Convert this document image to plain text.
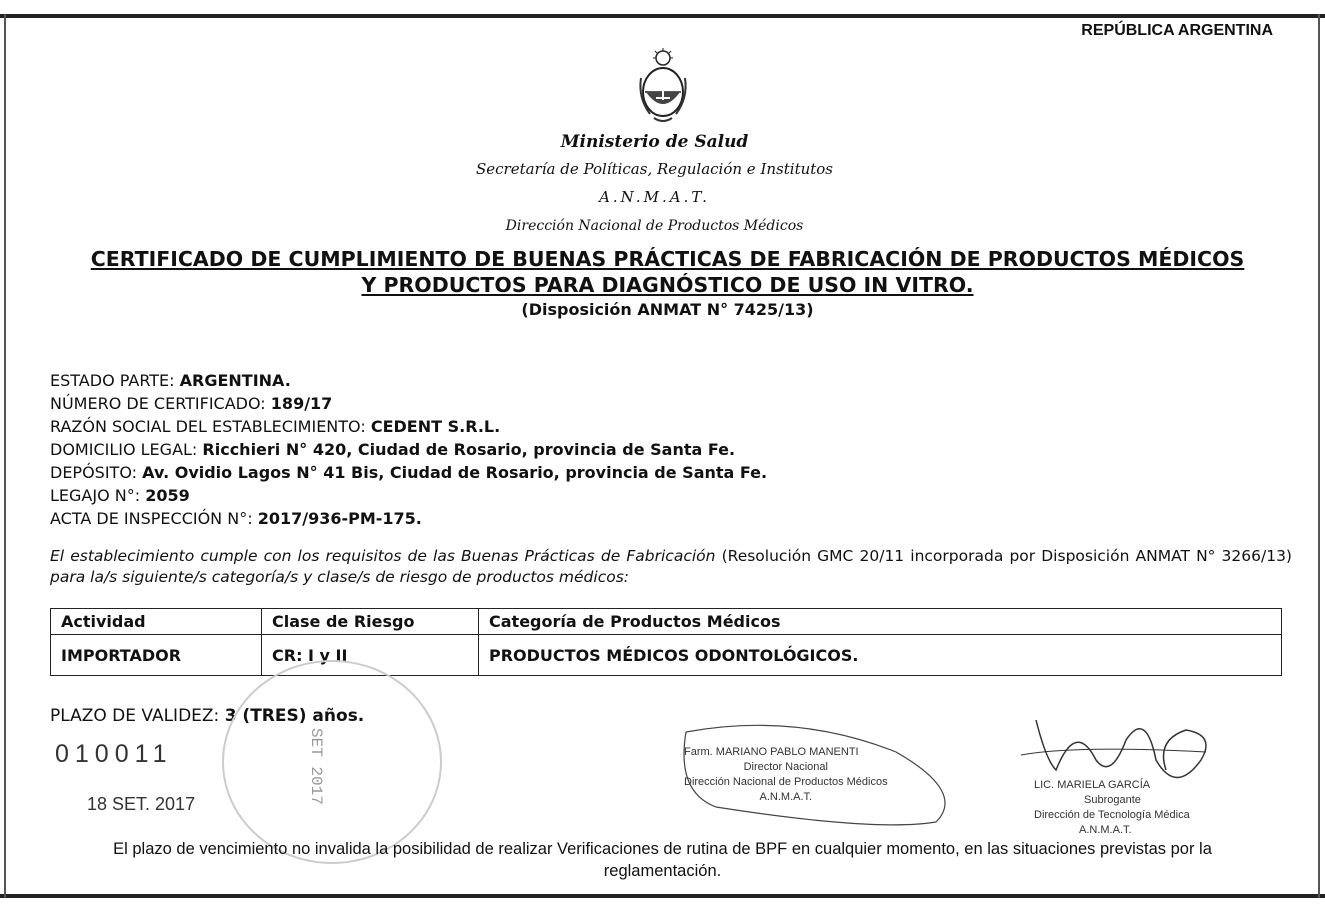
REPÚBLICA ARGENTINA
Ministerio de Salud
Secretaría de Políticas, Regulación e Institutos
A.N.M.A.T.
Dirección Nacional de Productos Médicos
CERTIFICADO DE CUMPLIMIENTO DE BUENAS PRÁCTICAS DE FABRICACIÓN DE PRODUCTOS MÉDICOS
Y PRODUCTOS PARA DIAGNÓSTICO DE USO IN VITRO.
(Disposición ANMAT N° 7425/13)
ESTADO PARTE: ARGENTINA.
NÚMERO DE CERTIFICADO: 189/17
RAZÓN SOCIAL DEL ESTABLECIMIENTO: CEDENT S.R.L.
DOMICILIO LEGAL: Ricchieri N° 420, Ciudad de Rosario, provincia de Santa Fe.
DEPÓSITO: Av. Ovidio Lagos N° 41 Bis, Ciudad de Rosario, provincia de Santa Fe.
LEGAJO N°: 2059
ACTA DE INSPECCIÓN N°: 2017/936-PM-175.
El establecimiento cumple con los requisitos de las Buenas Prácticas de Fabricación (Resolución GMC 20/11 incorporada por Disposición ANMAT N° 3266/13) para la/s siguiente/s categoría/s y clase/s de riesgo de productos médicos:
Actividad	Clase de Riesgo	Categoría de Productos Médicos
IMPORTADOR	CR: I y II	PRODUCTOS MÉDICOS ODONTOLÓGICOS.
PLAZO DE VALIDEZ: 3 (TRES) años.
SET 2017
010011
18 SET. 2017
Farm. MARIANO PABLO MANENTI
Director Nacional
Dirección Nacional de Productos Médicos
A.N.M.A.T.
LIC. MARIELA GARCÍA
Subrogante
Dirección de Tecnología Médica
A.N.M.A.T.
El plazo de vencimiento no invalida la posibilidad de realizar Verificaciones de rutina de BPF en cualquier momento, en las situaciones previstas por la
reglamentación.
